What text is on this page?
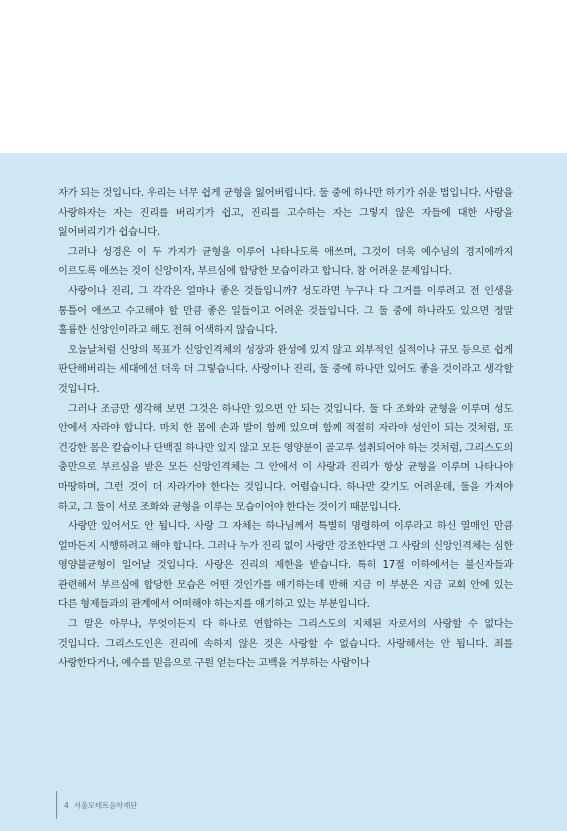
자가 되는 것입니다. 우리는 너무 쉽게 균형을 잃어버립니다. 둘 중에 하나만 하기가 쉬운 법입니다. 사람을 사랑하자는 자는 진리를 버리기가 쉽고, 진리를 고수하는 자는 그렇지 않은 자들에 대한 사랑을 잃어버리기가 쉽습니다.

그러나 성경은 이 두 가지가 균형을 이루어 나타나도록 애쓰며, 그것이 더욱 예수님의 경지에까지 이르도록 애쓰는 것이 신앙이자, 부르심에 합당한 모습이라고 합니다. 참 어려운 문제입니다.

사랑이나 진리, 그 각각은 얼마나 좋은 것들입니까? 성도라면 누구나 다 그거를 이루려고 전 인생을 통틀어 애쓰고 수고해야 할 만큼 좋은 일들이고 어려운 것들입니다. 그 둘 중에 하나라도 있으면 정말 훌륭한 신앙인이라고 해도 전혀 어색하지 않습니다.

오늘날처럼 신앙의 목표가 신앙인격체의 성장과 완성에 있지 않고 외부적인 실적이나 규모 등으로 쉽게 판단해버리는 세대에선 더욱 더 그렇습니다. 사랑이나 진리, 둘 중에 하나만 있어도 좋을 것이라고 생각할 것입니다.

그러나 조금만 생각해 보면 그것은 하나만 있으면 안 되는 것입니다. 둘 다 조화와 균형을 이루며 성도 안에서 자라야 합니다. 마치 한 몸에 손과 발이 함께 있으며 함께 적절히 자라야 성인이 되는 것처럼, 또 건강한 몸은 칼슘이나 단백질 하나만 있지 않고 모든 영양분이 골고루 섭취되어야 하는 것처럼, 그리스도의 충만으로 부르심을 받은 모든 신앙인격체는 그 안에서 이 사랑과 진리가 항상 균형을 이루며 나타나야 마땅하며, 그런 것이 더 자라가야 한다는 것입니다. 어렵습니다. 하나만 갖기도 어려운데, 둘을 가져야 하고, 그 둘이 서로 조화와 균형을 이루는 모습이어야 한다는 것이기 때문입니다.

사랑만 있어서도 안 됩니다. 사랑 그 자체는 하나님께서 특별히 명령하여 이루라고 하신 열매인 만큼 얼마든지 시행하려고 해야 합니다. 그러나 누가 진리 없이 사랑만 강조한다면 그 사람의 신앙인격체는 심한 영양불균형이 일어날 것입니다. 사랑은 진리의 제한을 받습니다. 특히 17절 이하에서는 불신자들과 관련해서 부르심에 합당한 모습은 어떤 것인가를 얘기하는데 반해 지금 이 부분은 지금 교회 안에 있는 다른 형제들과의 관계에서 어떠해야 하는지를 얘기하고 있는 부분입니다.

그 말은 아무나, 무엇이든지 다 하나로 연합하는 그리스도의 지체된 자로서의 사랑할 수 없다는 것입니다. 그리스도인은 진리에 속하지 않은 것은 사랑할 수 없습니다. 사랑해서는 안 됩니다. 죄를 사랑한다거나, 예수를 믿음으로 구원 얻는다는 고백을 거부하는 사람이나

4 서울모테트음악재단
